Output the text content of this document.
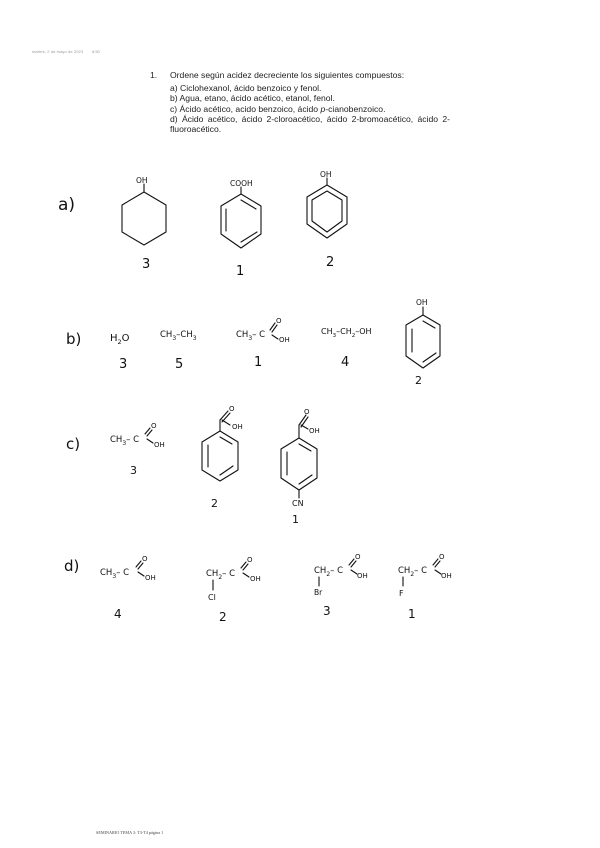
martes, 2 de mayo de 2023 8:50
1.	Ordene según acidez decreciente los siguientes compuestos:
a) Ciclohexanol, ácido benzoico y fenol.
b) Agua, etano, ácido acético, etanol, fenol.
c) Ácido acético, acido benzoico, ácido p-cianobenzoico.
d) Ácido acético, ácido 2-cloroacético, ácido 2-bromoacético, ácido 2-fluoroacético.
a)
OH
3
COOH
1
OH
2
b)	$H_2O$
3
$CH_3-CH_3$
5
$CH_3-$ C
O
OH
1
$CH_3-CH_2-OH$
4
OH
2
c)	$CH_3-$ C
O
OH
3
O
OH
2
O
OH
CN
1
d) $CH_3-$ C
O
OH
4
$CH_2-$ C
O
OH
Cl
2
$CH_2-$ C
O
OH
Br
3
$CH_2-$ C
O
OH
F
1
SEMINARIO TEMA 3: T3-T4 página 1
